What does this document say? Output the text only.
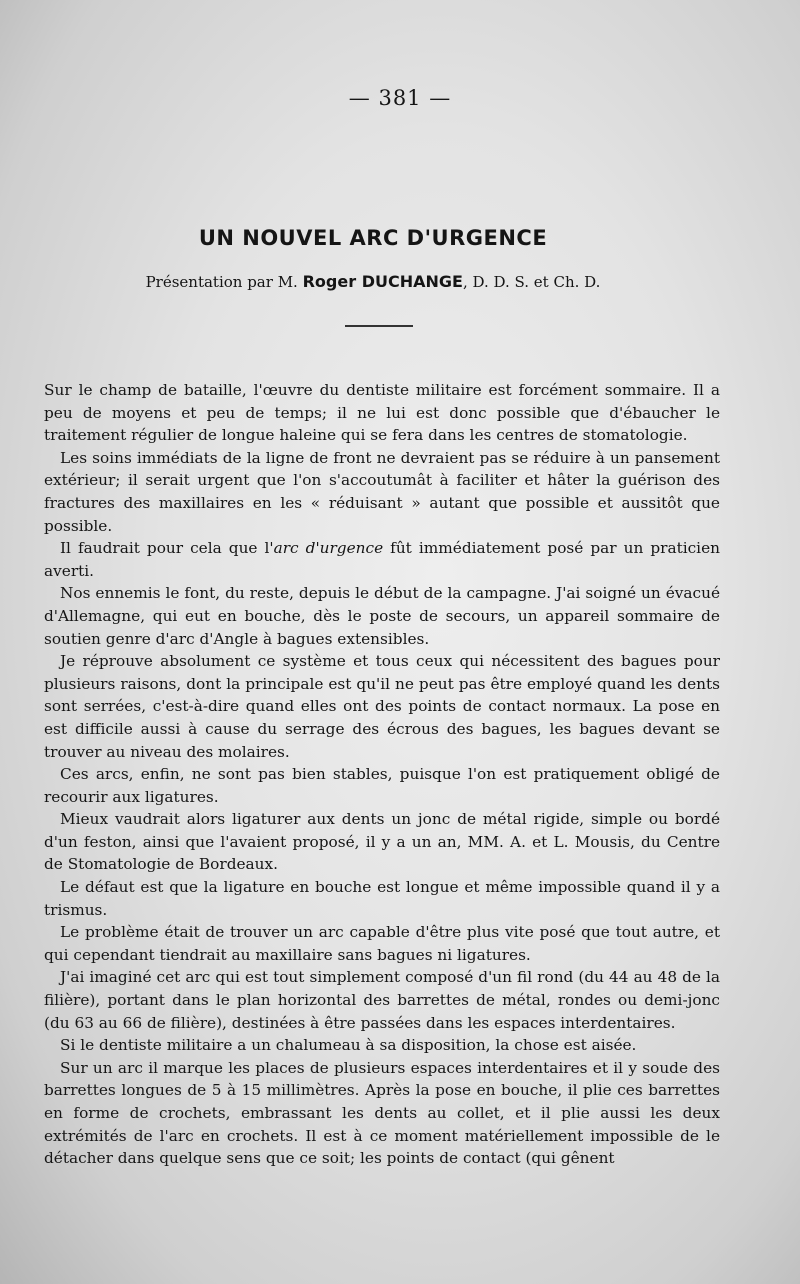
— 381 —
UN NOUVEL ARC D'URGENCE
Présentation par M. Roger DUCHANGE, D. D. S. et Ch. D.

Sur le champ de bataille, l'œuvre du dentiste militaire est forcément sommaire. Il a peu de moyens et peu de temps; il ne lui est donc possible que d'ébaucher le traitement régulier de longue haleine qui se fera dans les centres de stomatologie.

Les soins immédiats de la ligne de front ne devraient pas se réduire à un pansement extérieur; il serait urgent que l'on s'accoutumât à faciliter et hâter la guérison des fractures des maxillaires en les « réduisant » autant que possible et aussitôt que possible.

Il faudrait pour cela que l'arc d'urgence fût immédiatement posé par un praticien averti.

Nos ennemis le font, du reste, depuis le début de la campagne. J'ai soigné un évacué d'Allemagne, qui eut en bouche, dès le poste de secours, un appareil sommaire de soutien genre d'arc d'Angle à bagues extensibles.

Je réprouve absolument ce système et tous ceux qui nécessitent des bagues pour plusieurs raisons, dont la principale est qu'il ne peut pas être employé quand les dents sont serrées, c'est-à-dire quand elles ont des points de contact normaux. La pose en est difficile aussi à cause du serrage des écrous des bagues, les bagues devant se trouver au niveau des molaires.

Ces arcs, enfin, ne sont pas bien stables, puisque l'on est pratiquement obligé de recourir aux ligatures.

Mieux vaudrait alors ligaturer aux dents un jonc de métal rigide, simple ou bordé d'un feston, ainsi que l'avaient proposé, il y a un an, MM. A. et L. Mousis, du Centre de Stomatologie de Bordeaux.

Le défaut est que la ligature en bouche est longue et même impossible quand il y a trismus.

Le problème était de trouver un arc capable d'être plus vite posé que tout autre, et qui cependant tiendrait au maxillaire sans bagues ni ligatures.

J'ai imaginé cet arc qui est tout simplement composé d'un fil rond (du 44 au 48 de la filière), portant dans le plan horizontal des barrettes de métal, rondes ou demi-jonc (du 63 au 66 de filière), destinées à être passées dans les espaces interdentaires.

Si le dentiste militaire a un chalumeau à sa disposition, la chose est aisée.

Sur un arc il marque les places de plusieurs espaces interdentaires et il y soude des barrettes longues de 5 à 15 millimètres. Après la pose en bouche, il plie ces barrettes en forme de crochets, embrassant les dents au collet, et il plie aussi les deux extrémités de l'arc en crochets. Il est à ce moment matériellement impossible de le détacher dans quelque sens que ce soit; les points de contact (qui gênent
